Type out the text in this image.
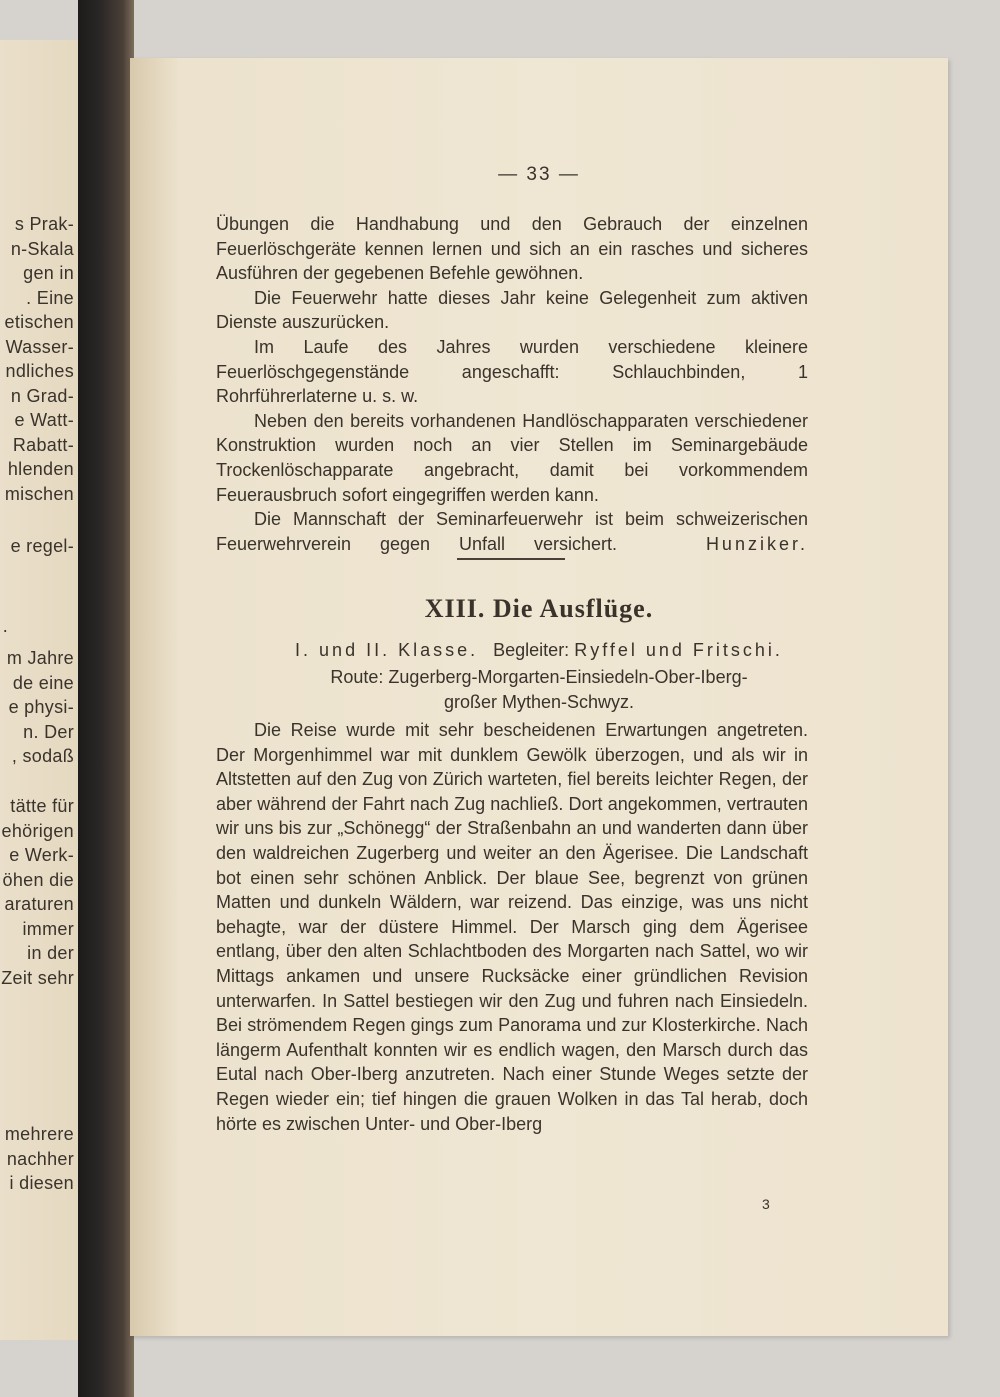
s Prak-
n-Skala
gen in
. Eine
etischen
Wasser-
ndliches
n Grad-
e Watt-
Rabatt-
hlenden
mischen
e regel-
.
m Jahre
de eine
e physi-
n. Der
, sodaß
tätte für
ehörigen
e Werk-
öhen die
araturen
immer
in der
Zeit sehr
mehrere
nachher
i diesen
— 33 —

Übungen die Handhabung und den Gebrauch der einzelnen Feuerlöschgeräte kennen lernen und sich an ein rasches und sicheres Ausführen der gegebenen Befehle gewöhnen.

Die Feuerwehr hatte dieses Jahr keine Gelegenheit zum aktiven Dienste auszurücken.

Im Laufe des Jahres wurden verschiedene kleinere Feuerlöschgegenstände angeschafft: Schlauchbinden, 1 Rohrführerlaterne u. s. w.

Neben den bereits vorhandenen Handlöschapparaten verschiedener Konstruktion wurden noch an vier Stellen im Seminargebäude Trockenlöschapparate angebracht, damit bei vorkommendem Feuerausbruch sofort eingegriffen werden kann.

Die Mannschaft der Seminarfeuerwehr ist beim schweizerischen Feuerwehrverein gegen Unfall versichert.	Hunziker.

XIII. Die Ausflüge.
I. und II. Klasse. Begleiter: Ryffel und Fritschi.
Route: Zugerberg-Morgarten-Einsiedeln-Ober-Iberg-
großer Mythen-Schwyz.

Die Reise wurde mit sehr bescheidenen Erwartungen angetreten. Der Morgenhimmel war mit dunklem Gewölk überzogen, und als wir in Altstetten auf den Zug von Zürich warteten, fiel bereits leichter Regen, der aber während der Fahrt nach Zug nachließ. Dort angekommen, vertrauten wir uns bis zur „Schönegg“ der Straßenbahn an und wanderten dann über den waldreichen Zugerberg und weiter an den Ägerisee. Die Landschaft bot einen sehr schönen Anblick. Der blaue See, begrenzt von grünen Matten und dunkeln Wäldern, war reizend. Das einzige, was uns nicht behagte, war der düstere Himmel. Der Marsch ging dem Ägerisee entlang, über den alten Schlachtboden des Morgarten nach Sattel, wo wir Mittags ankamen und unsere Rucksäcke einer gründlichen Revision unterwarfen. In Sattel bestiegen wir den Zug und fuhren nach Einsiedeln. Bei strömendem Regen gings zum Panorama und zur Klosterkirche. Nach längerm Aufenthalt konnten wir es endlich wagen, den Marsch durch das Eutal nach Ober-Iberg anzutreten. Nach einer Stunde Weges setzte der Regen wieder ein; tief hingen die grauen Wolken in das Tal herab, doch hörte es zwischen Unter- und Ober-Iberg

3
